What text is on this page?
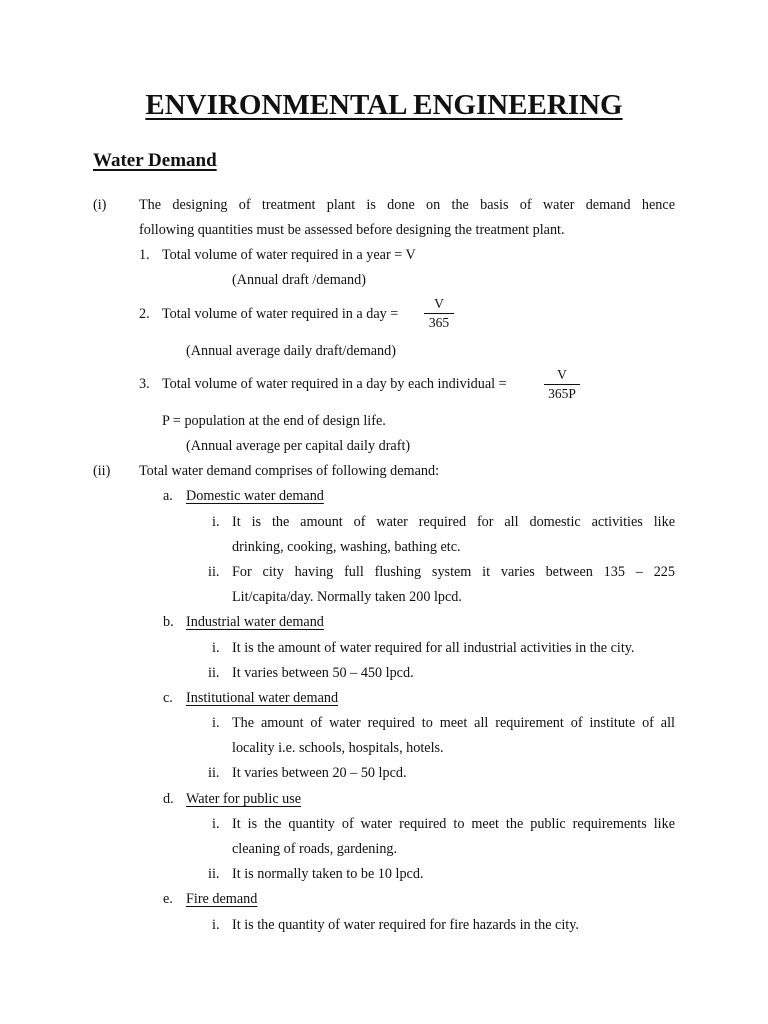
ENVIRONMENTAL ENGINEERING
Water Demand
(i) The designing of treatment plant is done on the basis of water demand hence
following quantities must be assessed before designing the treatment plant.
1. Total volume of water required in a year = V
(Annual draft /demand)
2. Total volume of water required in a day =
V
365
(Annual average daily draft/demand)
3. Total volume of water required in a day by each individual =
V
365P
P = population at the end of design life.
(Annual average per capital daily draft)
(ii) Total water demand comprises of following demand:
a. Domestic water demand
i. It is the amount of water required for all domestic activities like
drinking, cooking, washing, bathing etc.
ii. For city having full flushing system it varies between 135 – 225
Lit/capita/day. Normally taken 200 lpcd.
b. Industrial water demand
i. It is the amount of water required for all industrial activities in the city.
ii. It varies between 50 – 450 lpcd.
c. Institutional water demand
i. The amount of water required to meet all requirement of institute of all
locality i.e. schools, hospitals, hotels.
ii. It varies between 20 – 50 lpcd.
d. Water for public use
i. It is the quantity of water required to meet the public requirements like
cleaning of roads, gardening.
ii. It is normally taken to be 10 lpcd.
e. Fire demand
i. It is the quantity of water required for fire hazards in the city.
